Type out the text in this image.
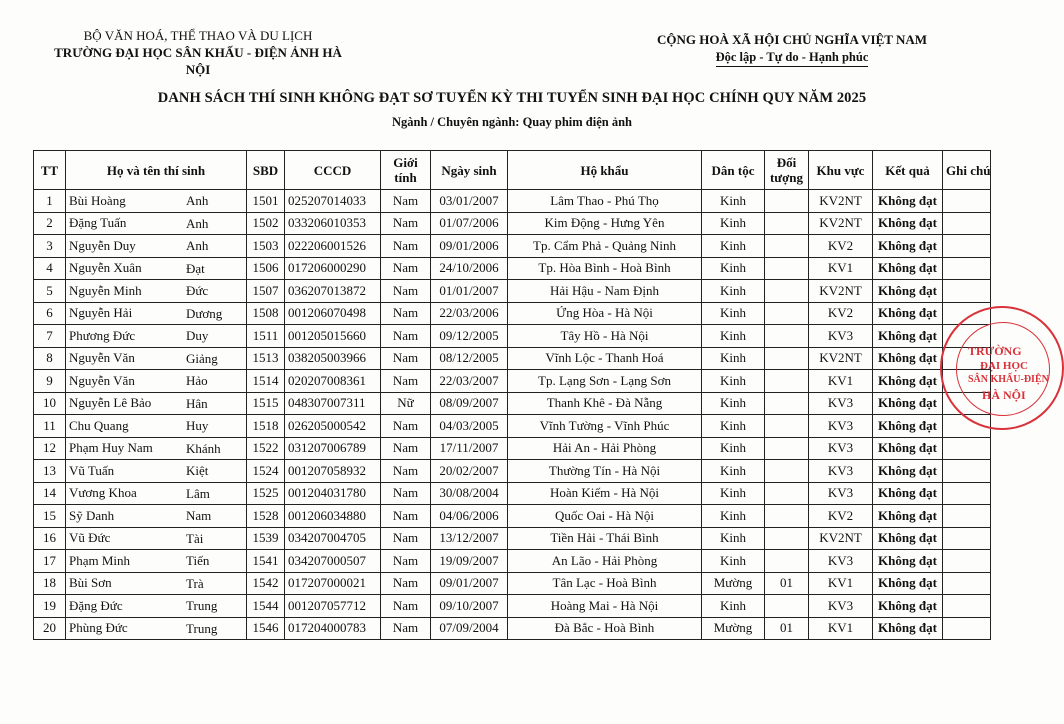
BỘ VĂN HOÁ, THỂ THAO VÀ DU LỊCH
TRƯỜNG ĐẠI HỌC SÂN KHẤU - ĐIỆN ẢNH HÀ NỘI
CỘNG HOÀ XÃ HỘI CHỦ NGHĨA VIỆT NAM
Độc lập - Tự do - Hạnh phúc
DANH SÁCH THÍ SINH KHÔNG ĐẠT SƠ TUYỂN KỲ THI TUYỂN SINH ĐẠI HỌC CHÍNH QUY NĂM 2025
Ngành / Chuyên ngành: Quay phim điện ảnh
TT	Họ và tên thí sinh	SBD	CCCD	Giới tính	Ngày sinh	Hộ khẩu	Dân tộc	Đối tượng	Khu vực	Kết quả	Ghi chú
1	Bùi Hoàng Anh	1501	025207014033	Nam	03/01/2007	Lâm Thao - Phú Thọ	Kinh		KV2NT	Không đạt	
2	Đặng Tuấn Anh	1502	033206010353	Nam	01/07/2006	Kim Động - Hưng Yên	Kinh		KV2NT	Không đạt	
3	Nguyễn Duy Anh	1503	022206001526	Nam	09/01/2006	Tp. Cẩm Phả - Quảng Ninh	Kinh		KV2	Không đạt	
4	Nguyễn Xuân Đạt	1506	017206000290	Nam	24/10/2006	Tp. Hòa Bình - Hoà Bình	Kinh		KV1	Không đạt	
5	Nguyễn Minh Đức	1507	036207013872	Nam	01/01/2007	Hải Hậu - Nam Định	Kinh		KV2NT	Không đạt	
6	Nguyễn Hải Dương	1508	001206070498	Nam	22/03/2006	Ứng Hòa - Hà Nội	Kinh		KV2	Không đạt	
7	Phương Đức Duy	1511	001205015660	Nam	09/12/2005	Tây Hồ - Hà Nội	Kinh		KV3	Không đạt	
8	Nguyễn Văn Giảng	1513	038205003966	Nam	08/12/2005	Vĩnh Lộc - Thanh Hoá	Kinh		KV2NT	Không đạt	
9	Nguyễn Văn Hảo	1514	020207008361	Nam	22/03/2007	Tp. Lạng Sơn - Lạng Sơn	Kinh		KV1	Không đạt	
10	Nguyễn Lê Bảo Hân	1515	048307007311	Nữ	08/09/2007	Thanh Khê - Đà Nẵng	Kinh		KV3	Không đạt	
11	Chu Quang Huy	1518	026205000542	Nam	04/03/2005	Vĩnh Tường - Vĩnh Phúc	Kinh		KV3	Không đạt	
12	Phạm Huy Nam Khánh	1522	031207006789	Nam	17/11/2007	Hải An - Hải Phòng	Kinh		KV3	Không đạt	
13	Vũ Tuấn Kiệt	1524	001207058932	Nam	20/02/2007	Thường Tín - Hà Nội	Kinh		KV3	Không đạt	
14	Vương Khoa Lâm	1525	001204031780	Nam	30/08/2004	Hoàn Kiếm - Hà Nội	Kinh		KV3	Không đạt	
15	Sỹ Danh Nam	1528	001206034880	Nam	04/06/2006	Quốc Oai - Hà Nội	Kinh		KV2	Không đạt	
16	Vũ Đức Tài	1539	034207004705	Nam	13/12/2007	Tiền Hải - Thái Bình	Kinh		KV2NT	Không đạt	
17	Phạm Minh Tiến	1541	034207000507	Nam	19/09/2007	An Lão - Hải Phòng	Kinh		KV3	Không đạt	
18	Bùi Sơn Trà	1542	017207000021	Nam	09/01/2007	Tân Lạc - Hoà Bình	Mường	01	KV1	Không đạt	
19	Đặng Đức Trung	1544	001207057712	Nam	09/10/2007	Hoàng Mai - Hà Nội	Kinh		KV3	Không đạt	
20	Phùng Đức Trung	1546	017204000783	Nam	07/09/2004	Đà Bắc - Hoà Bình	Mường	01	KV1	Không đạt	
TRƯỜNG
ĐẠI HỌC
SÂN KHẤU-ĐIỆN
HÀ NỘI
